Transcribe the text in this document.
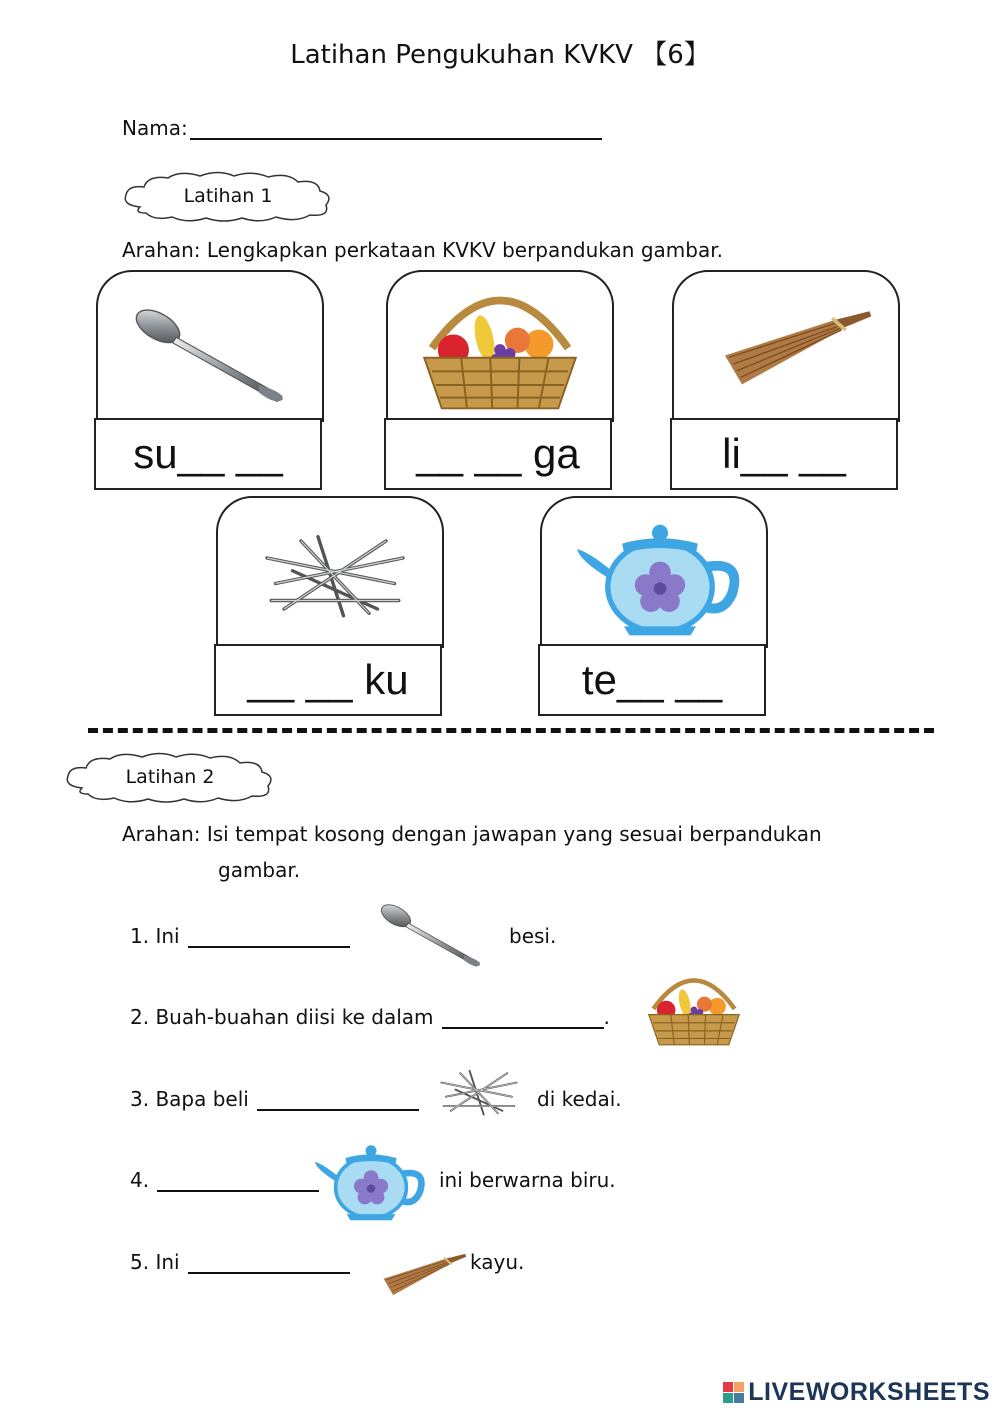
Latihan Pengukuhan KVKV 【6】
Nama:
Latihan 1
Arahan: Lengkapkan perkataan KVKV berpandukan gambar.
su__ __	__ __ ga	li__ __
__ __ ku	te__ __
Latihan 2
Arahan: Isi tempat kosong dengan jawapan yang sesuai berpandukan
gambar.
1. Ini	besi.
2. Buah-buahan diisi ke dalam	.
3. Bapa beli	di kedai.
4.	ini berwarna biru.
5. Ini	kayu.
LIVEWORKSHEETS
